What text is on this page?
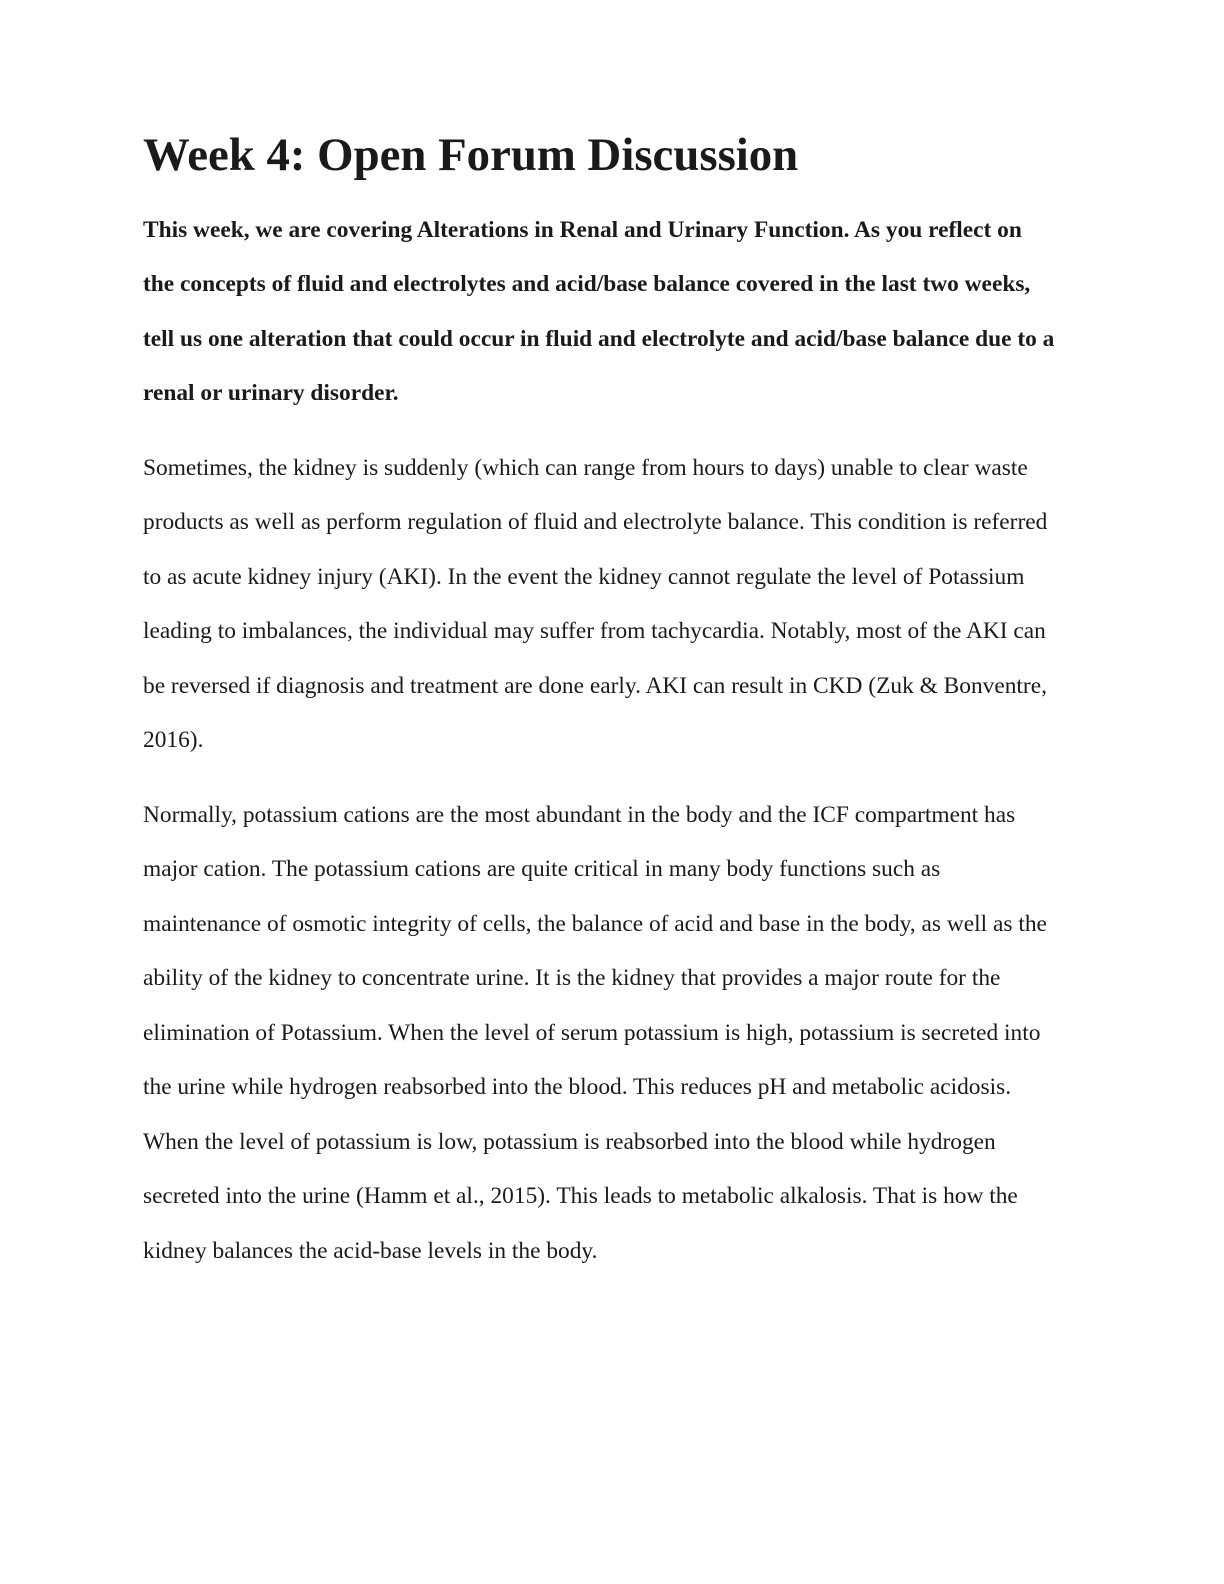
Week 4: Open Forum Discussion
This week, we are covering Alterations in Renal and Urinary Function. As you reflect on
the concepts of fluid and electrolytes and acid/base balance covered in the last two weeks,
tell us one alteration that could occur in fluid and electrolyte and acid/base balance due to a
renal or urinary disorder.
Sometimes, the kidney is suddenly (which can range from hours to days) unable to clear waste
products as well as perform regulation of fluid and electrolyte balance. This condition is referred
to as acute kidney injury (AKI). In the event the kidney cannot regulate the level of Potassium
leading to imbalances, the individual may suffer from tachycardia. Notably, most of the AKI can
be reversed if diagnosis and treatment are done early. AKI can result in CKD (Zuk & Bonventre,
2016).
Normally, potassium cations are the most abundant in the body and the ICF compartment has
major cation. The potassium cations are quite critical in many body functions such as
maintenance of osmotic integrity of cells, the balance of acid and base in the body, as well as the
ability of the kidney to concentrate urine. It is the kidney that provides a major route for the
elimination of Potassium. When the level of serum potassium is high, potassium is secreted into
the urine while hydrogen reabsorbed into the blood. This reduces pH and metabolic acidosis.
When the level of potassium is low, potassium is reabsorbed into the blood while hydrogen
secreted into the urine (Hamm et al., 2015). This leads to metabolic alkalosis. That is how the
kidney balances the acid-base levels in the body.
